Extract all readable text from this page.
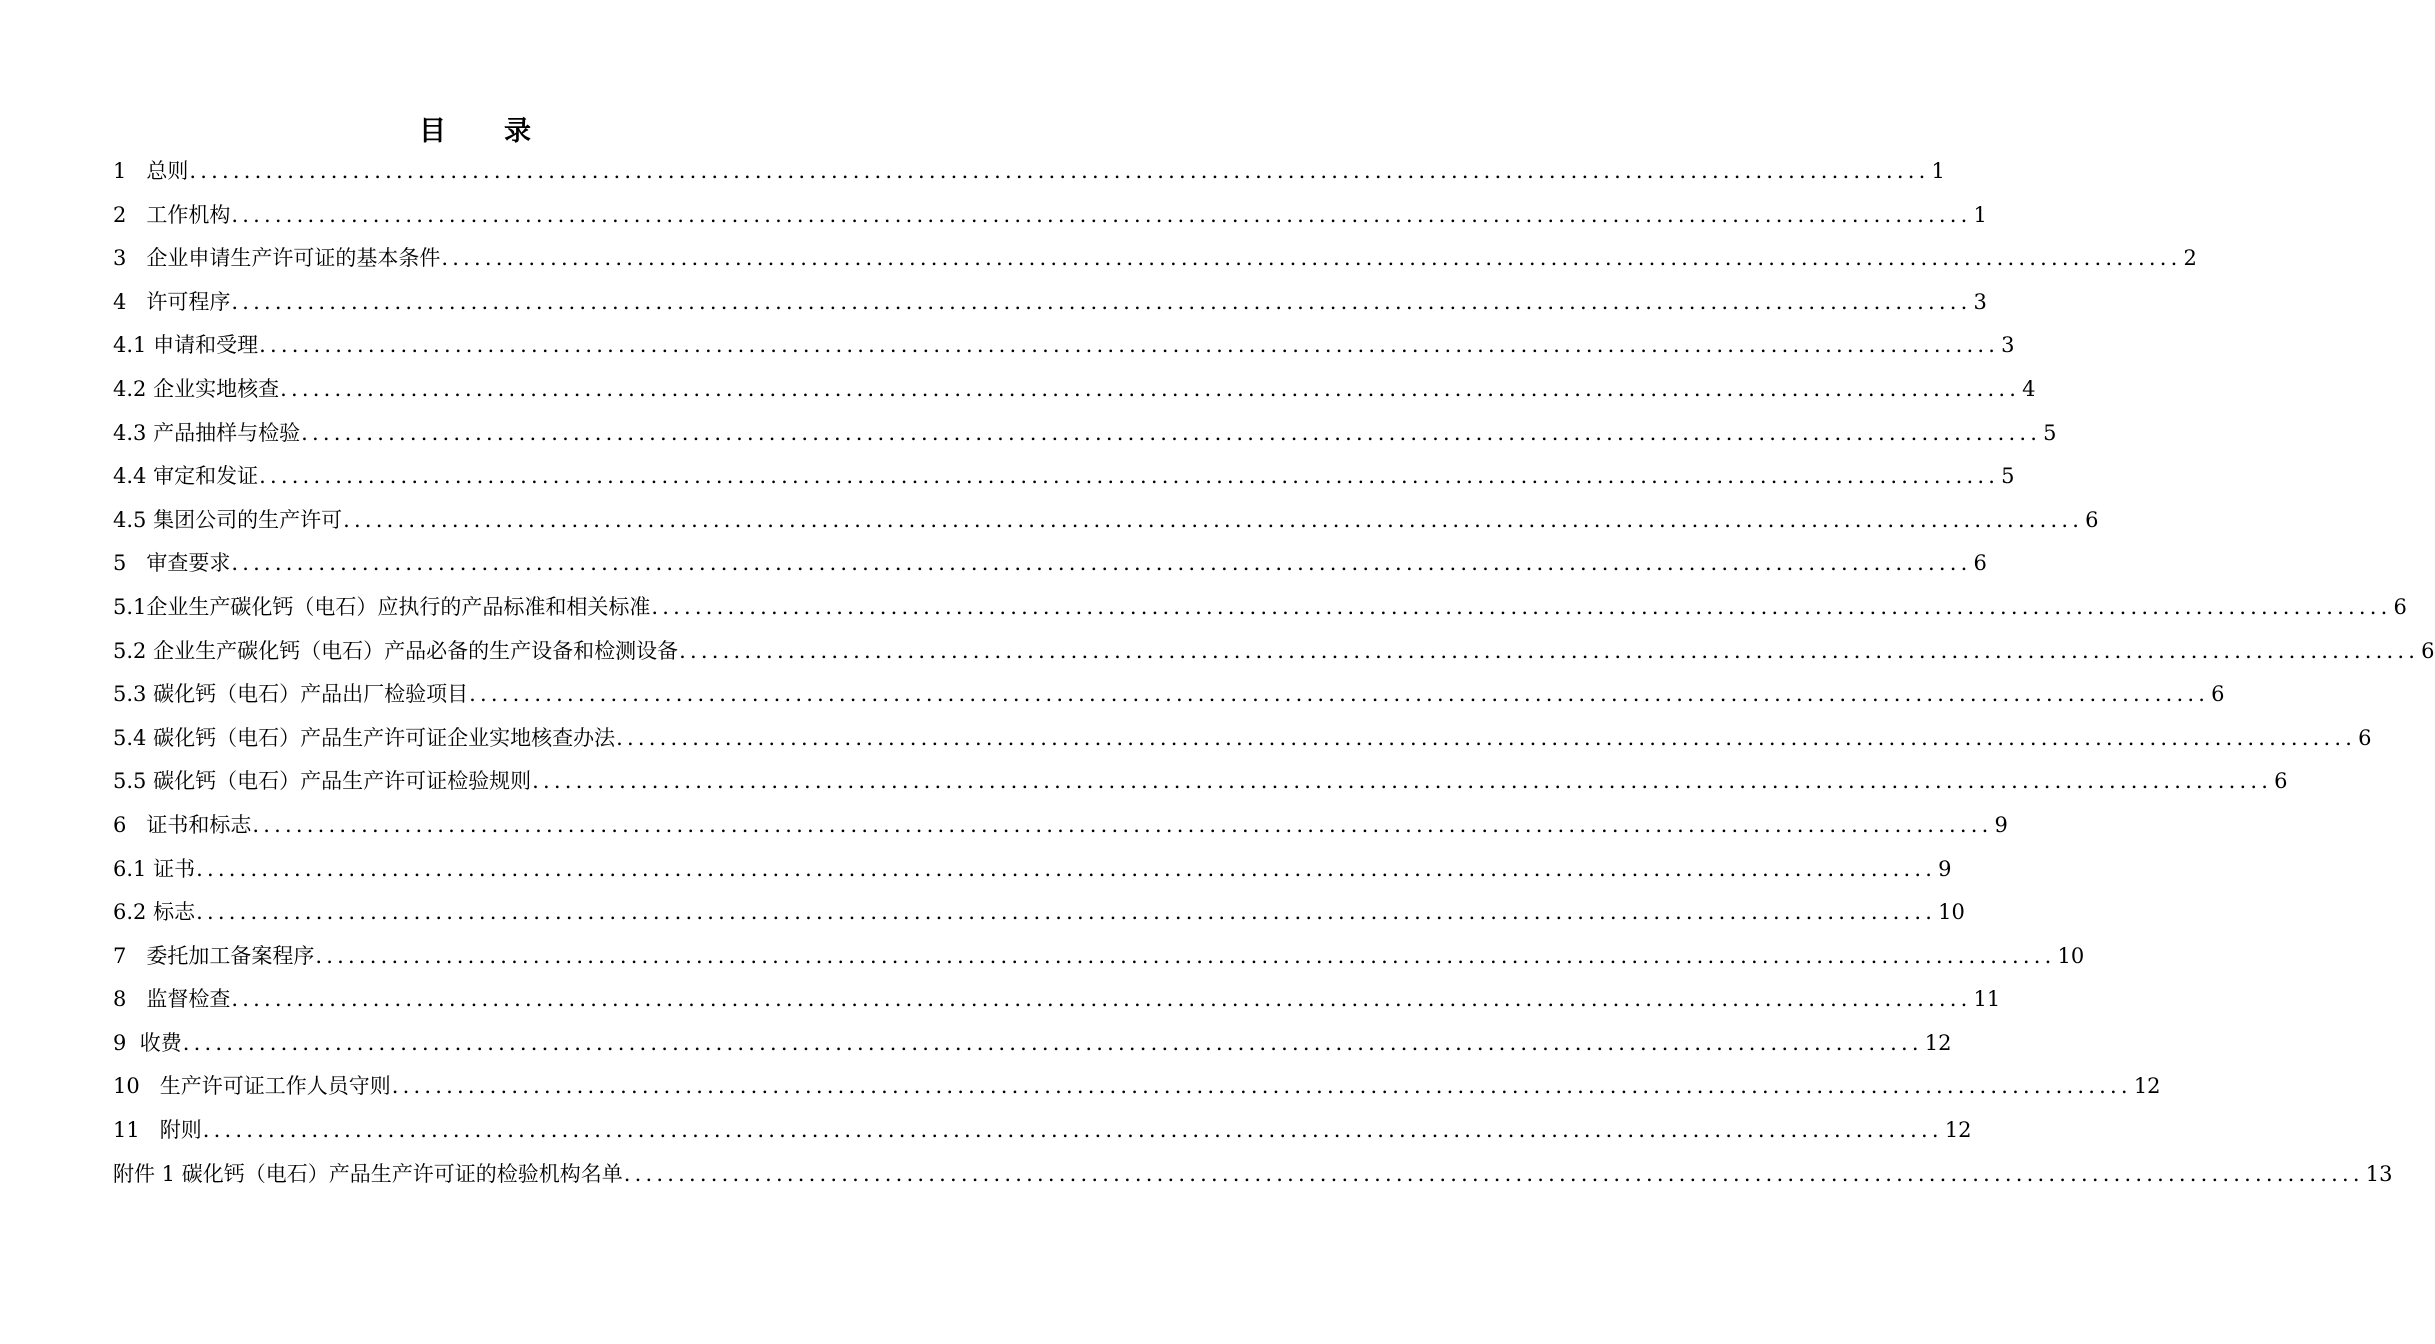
目录
1
总则 ................................................................................................................................................................ 1
2
工作机构 ................................................................................................................................................................ 1
3
企业申请生产许可证的基本条件 ................................................................................................................................................................ 2
4
许可程序 ................................................................................................................................................................ 3
4.1
申请和受理 ................................................................................................................................................................ 3
4.2
企业实地核查 ................................................................................................................................................................ 4
4.3
产品抽样与检验 ................................................................................................................................................................ 5
4.4
审定和发证 ................................................................................................................................................................ 5
4.5
集团公司的生产许可 ................................................................................................................................................................ 6
5
审查要求 ................................................................................................................................................................ 6
5.1 企业生产碳化钙（电石）应执行的产品标准和相关标准 ................................................................................................................................................................ 6
5.2
企业生产碳化钙（电石）产品必备的生产设备和检测设备 ................................................................................................................................................................ 6
5.3
碳化钙（电石）产品出厂检验项目 ................................................................................................................................................................ 6
5.4
碳化钙（电石）产品生产许可证企业实地核查办法 ................................................................................................................................................................ 6
5.5
碳化钙（电石）产品生产许可证检验规则 ................................................................................................................................................................ 6
6
证书和标志 ................................................................................................................................................................ 9
6.1
证书 ................................................................................................................................................................ 9
6.2
标志 ................................................................................................................................................................ 10
7
委托加工备案程序 ................................................................................................................................................................ 10
8
监督检查 ................................................................................................................................................................ 11
9
收费 ................................................................................................................................................................ 12
10
生产许可证工作人员守则 ................................................................................................................................................................ 12
11
附则 ................................................................................................................................................................ 12
附件 1
碳化钙（电石）产品生产许可证的检验机构名单 ................................................................................................................................................................ 13
